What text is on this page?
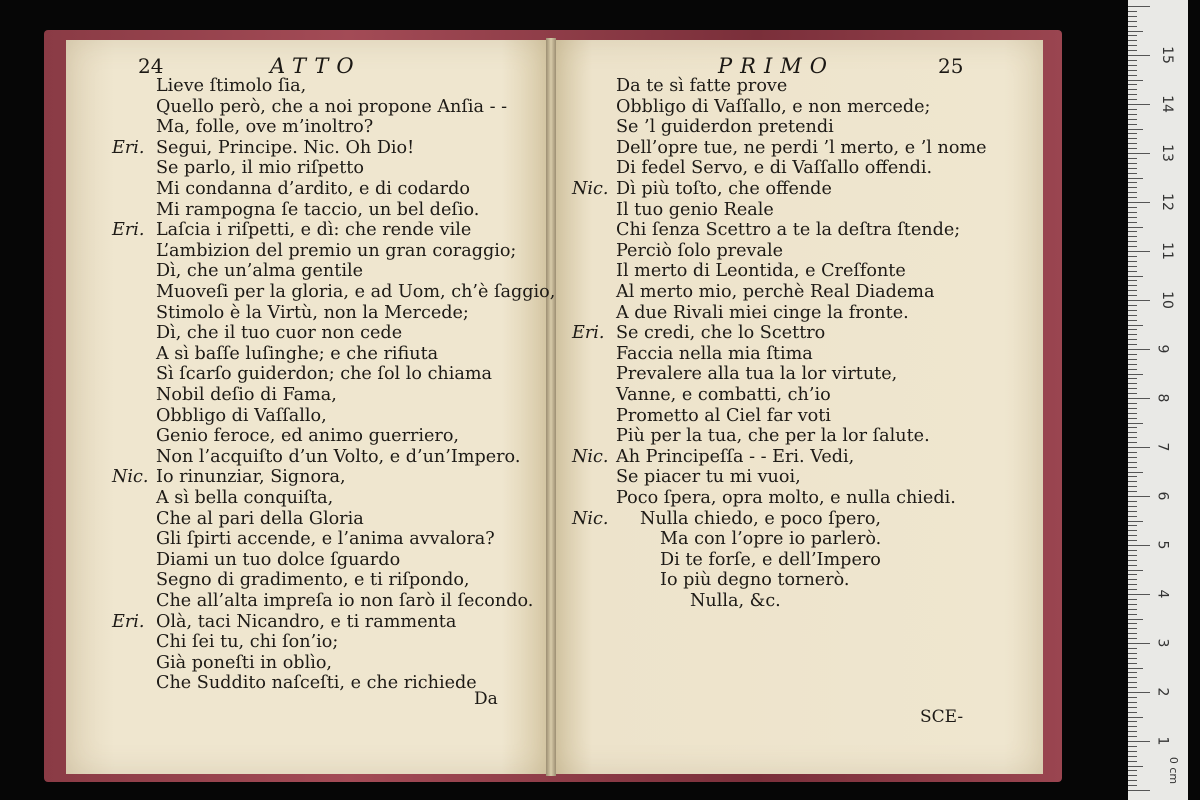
24	ATTO	PRIMO	25
Lieve ſtimolo ſia,
Quello però, che a noi propone Anſia - -
Ma, folle, ove m’inoltro?
Eri. Segui, Principe. Nic. Oh Dio!
Se parlo, il mio riſpetto
Mi condanna d’ardito, e di codardo
Mi rampogna ſe taccio, un bel deſio.
Eri. Laſcia i riſpetti, e dì: che rende vile
L’ambizion del premio un gran coraggio;
Dì, che un’alma gentile
Muoveſi per la gloria, e ad Uom, ch’è ſaggio,
Stimolo è la Virtù, non la Mercede;
Dì, che il tuo cuor non cede
A sì baſſe luſinghe; e che rifiuta
Sì ſcarſo guiderdon; che ſol lo chiama
Nobil deſio di Fama,
Obbligo di Vaſſallo,
Genio feroce, ed animo guerriero,
Non l’acquiſto d’un Volto, e d’un’Impero.
Nic. Io rinunziar, Signora,
A sì bella conquiſta,
Che al pari della Gloria
Gli ſpirti accende, e l’anima avvalora?
Diami un tuo dolce ſguardo
Segno di gradimento, e ti riſpondo,
Che all’alta impreſa io non ſarò il ſecondo.
Eri. Olà, taci Nicandro, e ti rammenta
Chi ſei tu, chi ſon’io;
Già poneſti in oblìo,
Che Suddito naſceſti, e che richiede
Da te sì fatte prove
Obbligo di Vaſſallo, e non mercede;
Se ’l guiderdon pretendi
Dell’opre tue, ne perdi ’l merto, e ’l nome
Di fedel Servo, e di Vaſſallo offendi.
Nic. Dì più toſto, che offende
Il tuo genio Reale
Chi ſenza Scettro a te la deſtra ſtende;
Perciò ſolo prevale
Il merto di Leontida, e Creſfonte
Al merto mio, perchè Real Diadema
A due Rivali miei cinge la fronte.
Eri. Se credi, che lo Scettro
Faccia nella mia ſtima
Prevalere alla tua la lor virtute,
Vanne, e combatti, ch’io
Prometto al Ciel far voti
Più per la tua, che per la lor ſalute.
Nic. Ah Principeſſa - - Eri. Vedi,
Se piacer tu mi vuoi,
Poco ſpera, opra molto, e nulla chiedi.
Nic. Nulla chiedo, e poco ſpero,
Ma con l’opre io parlerò.
Di te forſe, e dell’Impero
Io più degno tornerò.
Nulla, &c.
Da
SCE-
1
2
3
4
5
6
7
8
9
10
11
12
13
14
15
0 cm
